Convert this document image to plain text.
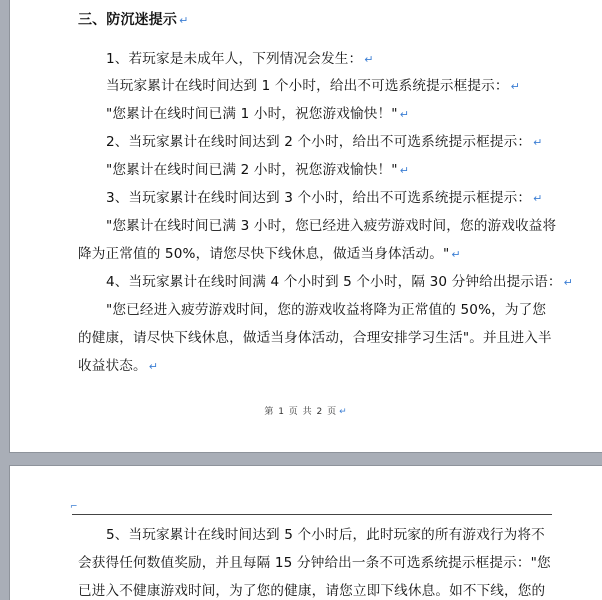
三、防沉迷提示 ↵
1、若玩家是未成年人，下列情况会发生： ↵
当玩家累计在线时间达到 1 个小时，给出不可选系统提示框提示： ↵
"您累计在线时间已满 1 小时，祝您游戏愉快！" ↵
2、当玩家累计在线时间达到 2 个小时，给出不可选系统提示框提示： ↵
"您累计在线时间已满 2 小时，祝您游戏愉快！" ↵
3、当玩家累计在线时间达到 3 个小时，给出不可选系统提示框提示： ↵
"您累计在线时间已满 3 小时，您已经进入疲劳游戏时间，您的游戏收益将
降为正常值的 50%，请您尽快下线休息，做适当身体活动。" ↵
4、当玩家累计在线时间满 4 个小时到 5 个小时，隔 30 分钟给出提示语： ↵
"您已经进入疲劳游戏时间，您的游戏收益将降为正常值的 50%，为了您
的健康，请尽快下线休息，做适当身体活动，合理安排学习生活"。并且进入半
收益状态。 ↵
第 1 页 共 2 页 ↵
⌐
5、当玩家累计在线时间达到 5 个小时后，此时玩家的所有游戏行为将不
会获得任何数值奖励，并且每隔 15 分钟给出一条不可选系统提示框提示："您
已进入不健康游戏时间，为了您的健康，请您立即下线休息。如不下线，您的
